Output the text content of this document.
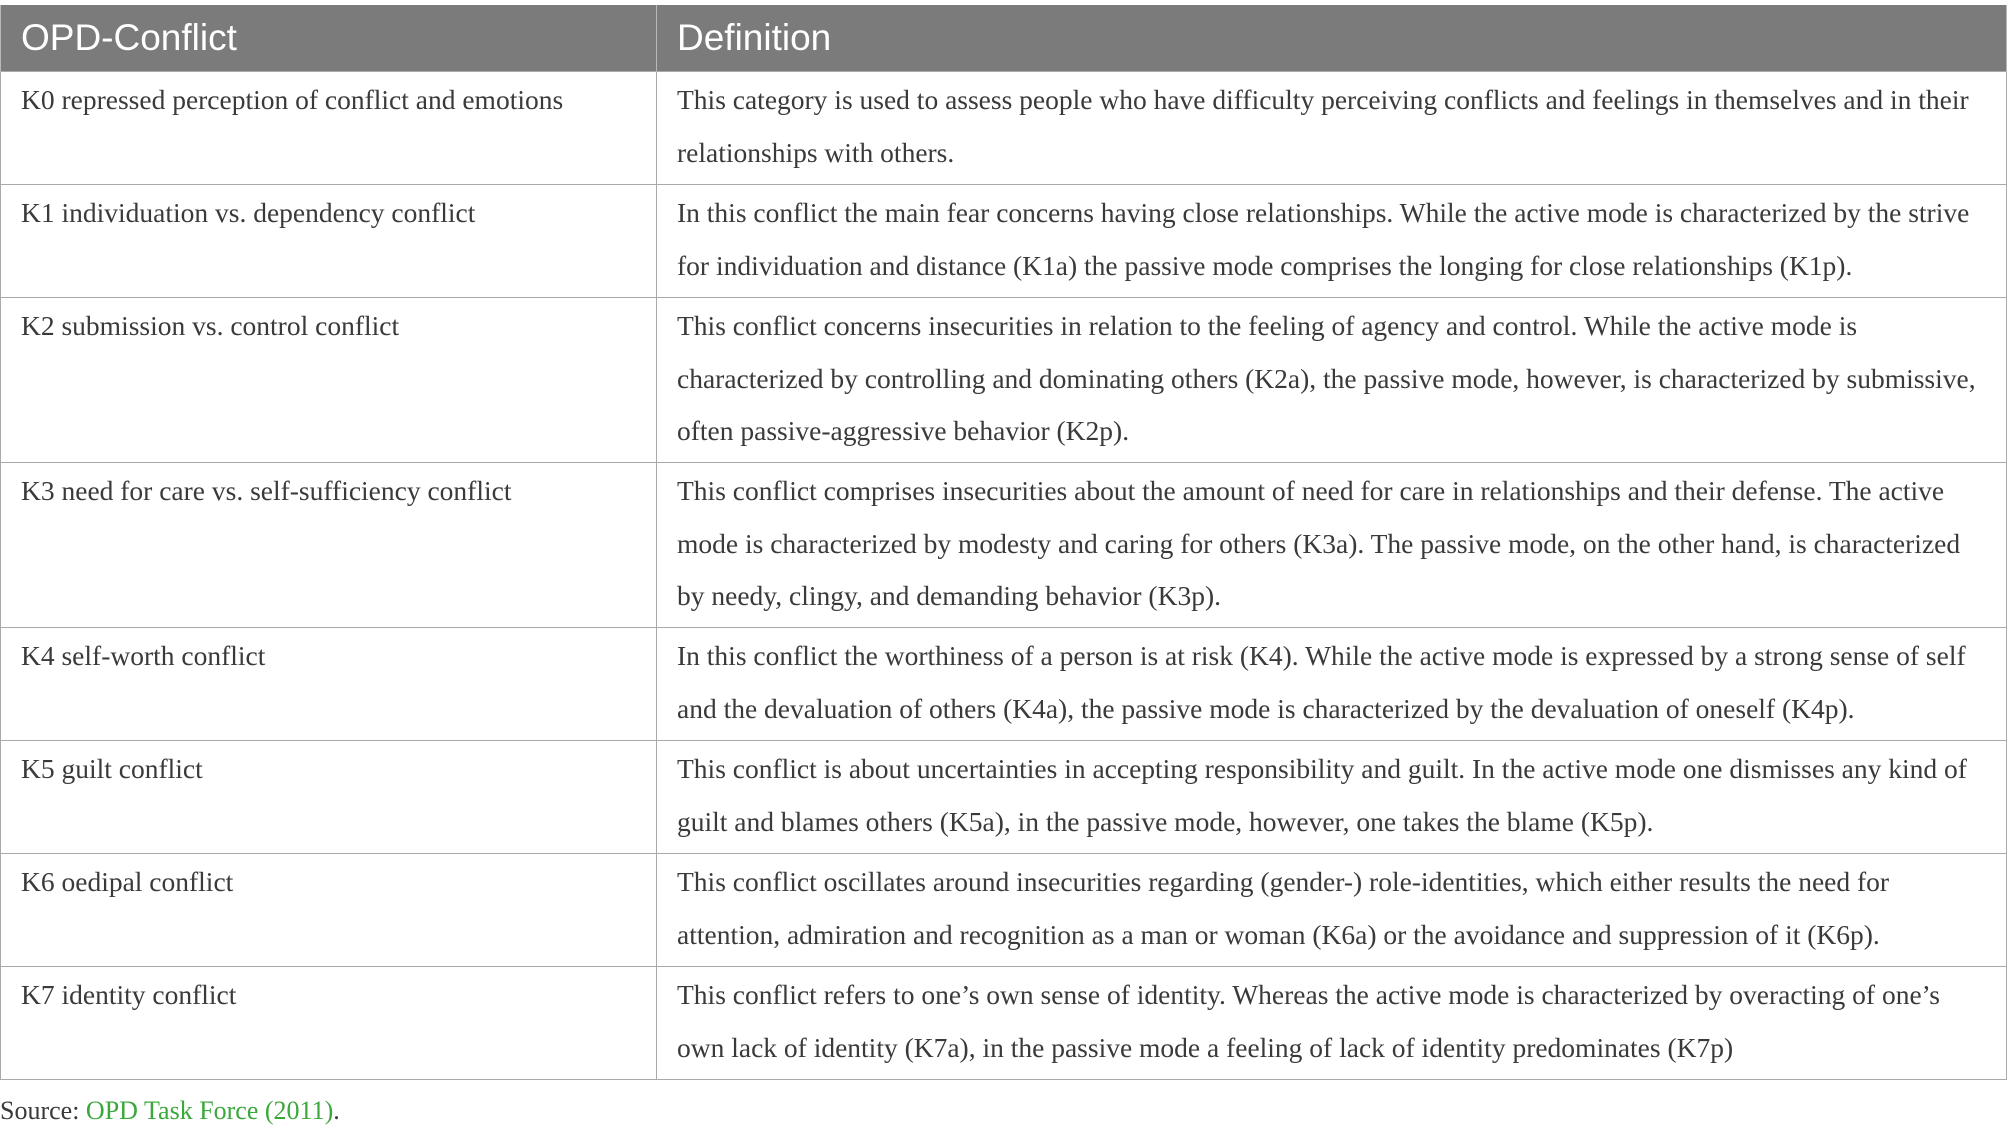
OPD-Conflict	Definition
K0 repressed perception of conflict and emotions	This category is used to assess people who have difficulty perceiving conflicts and feelings in themselves and in their relationships with others.
K1 individuation vs. dependency conflict	In this conflict the main fear concerns having close relationships. While the active mode is characterized by the strive for individuation and distance (K1a) the passive mode comprises the longing for close relationships (K1p).
K2 submission vs. control conflict	This conflict concerns insecurities in relation to the feeling of agency and control. While the active mode is characterized by controlling and dominating others (K2a), the passive mode, however, is characterized by submissive, often passive-aggressive behavior (K2p).
K3 need for care vs. self-sufficiency conflict	This conflict comprises insecurities about the amount of need for care in relationships and their defense. The active mode is characterized by modesty and caring for others (K3a). The passive mode, on the other hand, is characterized by needy, clingy, and demanding behavior (K3p).
K4 self-worth conflict	In this conflict the worthiness of a person is at risk (K4). While the active mode is expressed by a strong sense of self and the devaluation of others (K4a), the passive mode is characterized by the devaluation of oneself (K4p).
K5 guilt conflict	This conflict is about uncertainties in accepting responsibility and guilt. In the active mode one dismisses any kind of guilt and blames others (K5a), in the passive mode, however, one takes the blame (K5p).
K6 oedipal conflict	This conflict oscillates around insecurities regarding (gender-) role-identities, which either results the need for attention, admiration and recognition as a man or woman (K6a) or the avoidance and suppression of it (K6p).
K7 identity conflict	This conflict refers to one’s own sense of identity. Whereas the active mode is characterized by overacting of one’s own lack of identity (K7a), in the passive mode a feeling of lack of identity predominates (K7p)
Source: OPD Task Force (2011).
